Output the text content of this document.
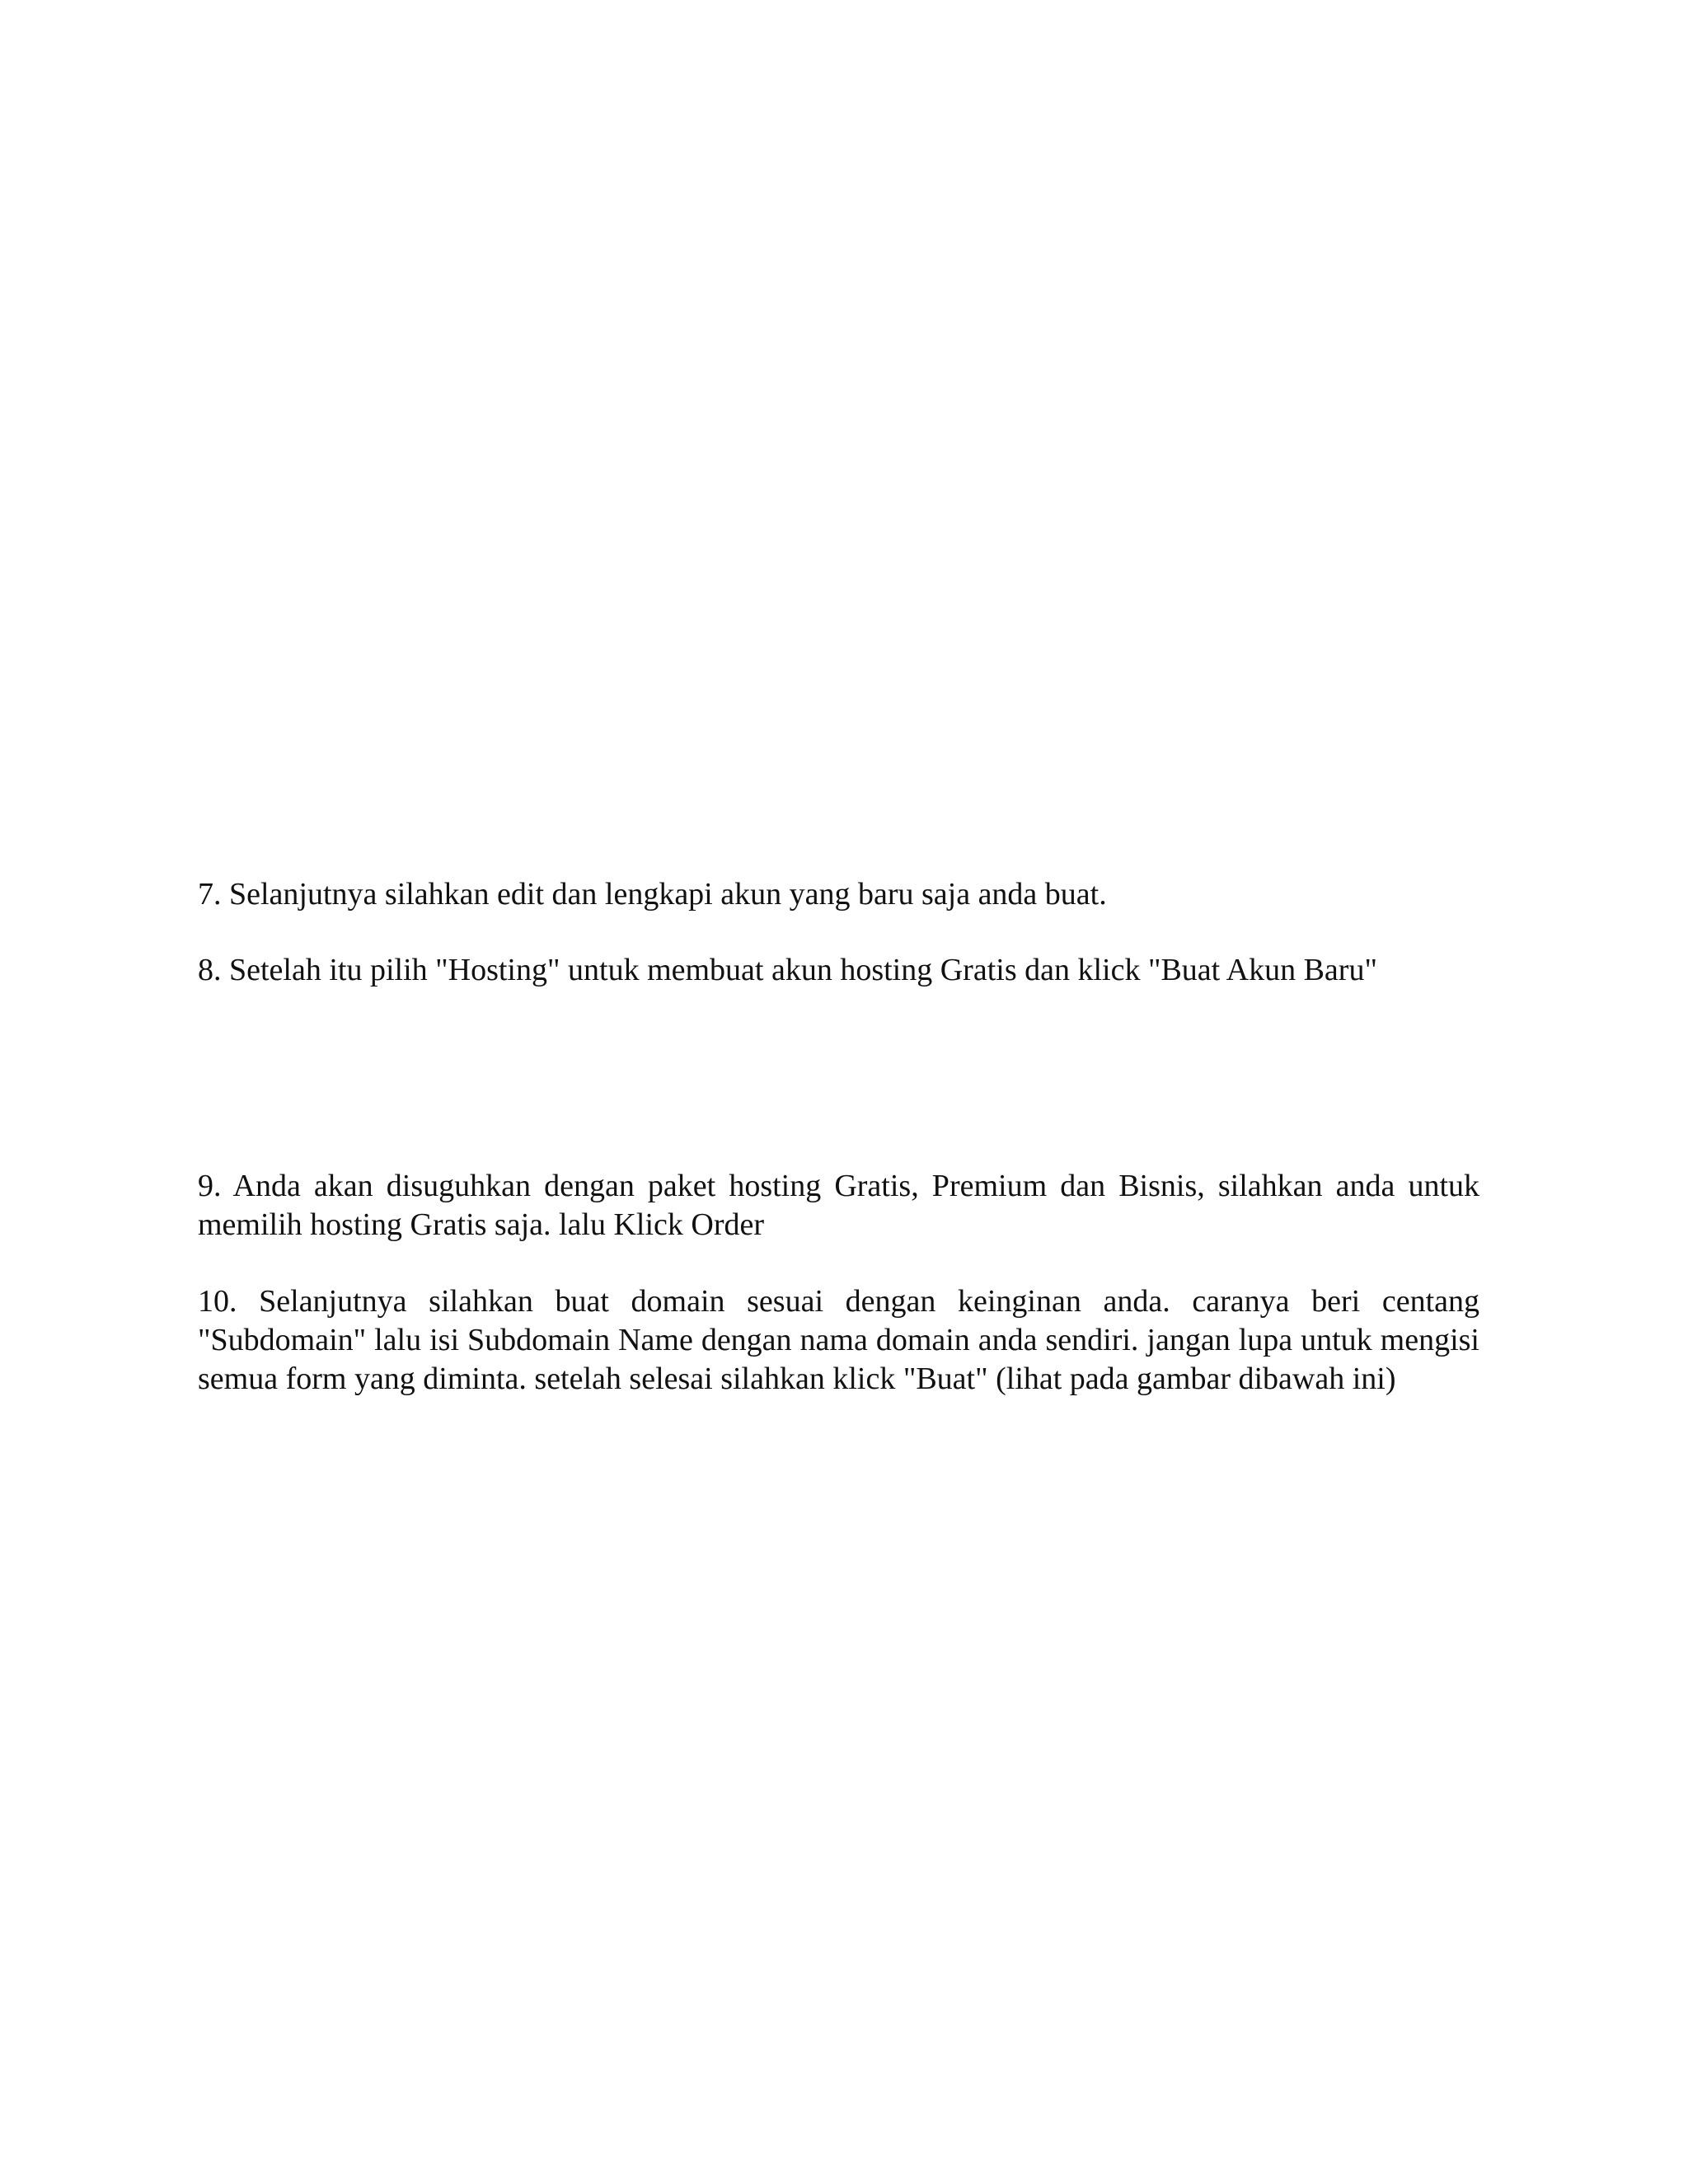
7. Selanjutnya silahkan edit dan lengkapi akun yang baru saja anda buat.

8. Setelah itu pilih "Hosting" untuk membuat akun hosting Gratis dan klick "Buat Akun Baru"

9. Anda akan disuguhkan dengan paket hosting Gratis, Premium dan Bisnis, silahkan anda untuk memilih hosting Gratis saja. lalu Klick Order

10. Selanjutnya silahkan buat domain sesuai dengan keinginan anda. caranya beri centang "Subdomain" lalu isi Subdomain Name dengan nama domain anda sendiri. jangan lupa untuk mengisi semua form yang diminta. setelah selesai silahkan klick "Buat" (lihat pada gambar dibawah ini)
